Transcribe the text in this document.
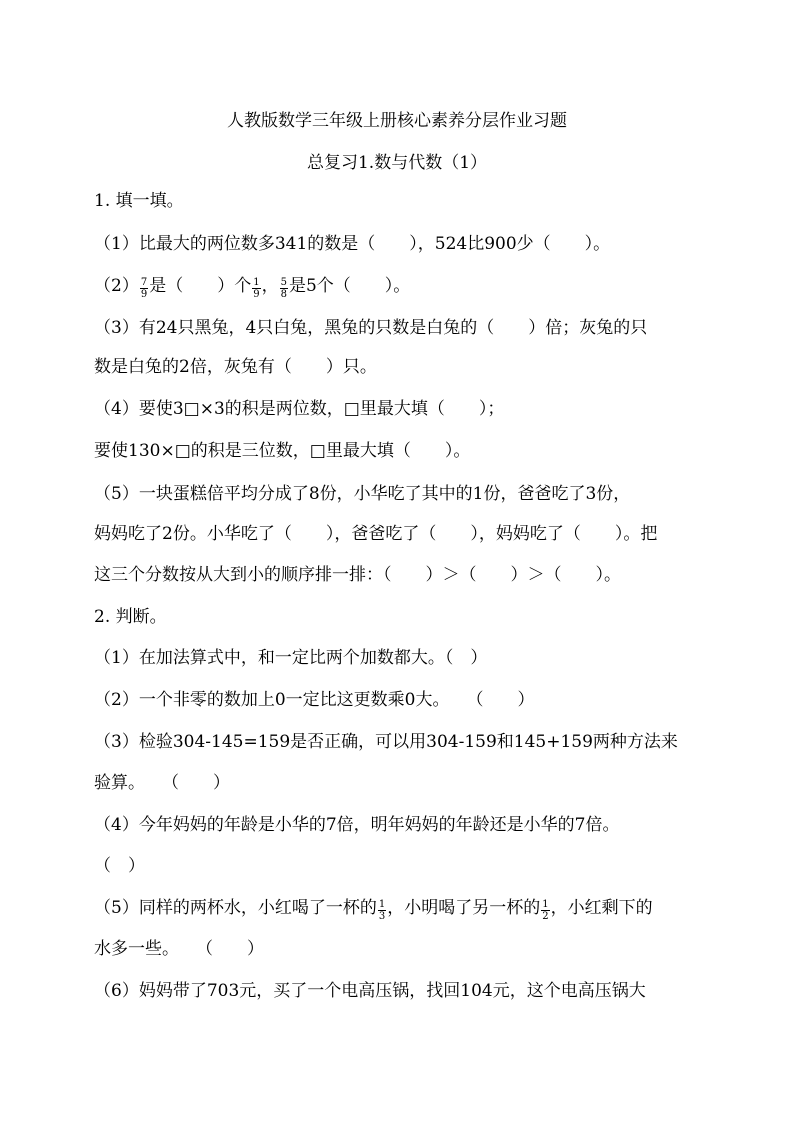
人教版数学三年级上册核心素养分层作业习题
总复习1.数与代数（1）
1. 填一填。
（1）比最大的两位数多341的数是（　　），524比900少（　　）。
$(2) \frac{7}{9}$ 是（　　）个 $\frac{1}{9}$ ， $\frac{5}{8}$ 是5个（　　）。
（3）有24只黑兔，4只白兔，黑兔的只数是白兔的（　　）倍；灰兔的只
数是白兔的2倍，灰兔有（　　）只。
（4）要使3□×3的积是两位数，□里最大填（　　）；
要使130×□的积是三位数，□里最大填（　　）。
（5）一块蛋糕倍平均分成了8份，小华吃了其中的1份，爸爸吃了3份，
妈妈吃了2份。小华吃了（　　），爸爸吃了（　　），妈妈吃了（　　）。把
这三个分数按从大到小的顺序排一排：（　　）＞（　　）＞（　　）。
2. 判断。
（1）在加法算式中，和一定比两个加数都大。（　）
（2）一个非零的数加上0一定比这更数乘0大。　　（　　）
（3）检验304-145=159是否正确，可以用304-159和145+159两种方法来
验算。　　（　　）
（4）今年妈妈的年龄是小华的7倍，明年妈妈的年龄还是小华的7倍。
（　）
（5）同样的两杯水，小红喝了一杯的 $\frac{1}{3}$ ，小明喝了另一杯的 $\frac{1}{2}$ ，小红剩下的
水多一些。　　（　　）
（6）妈妈带了703元，买了一个电高压锅，找回104元，这个电高压锅大
